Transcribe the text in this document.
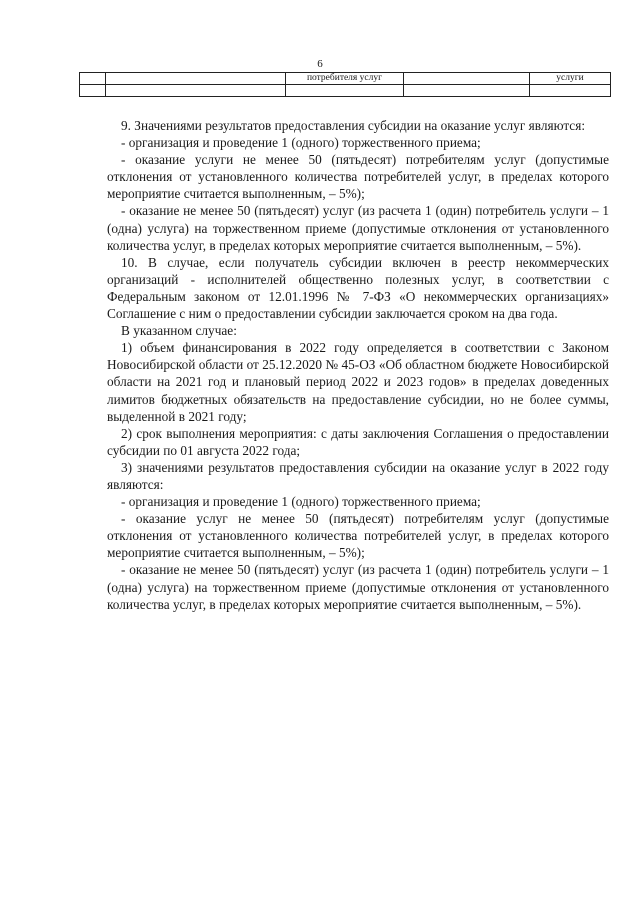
6
		потребителя услуг		услуги

9. Значениями результатов предоставления субсидии на оказание услуг являются:

- организация и проведение 1 (одного) торжественного приема;

- оказание услуги не менее 50 (пятьдесят) потребителям услуг (допустимые отклонения от установленного количества потребителей услуг, в пределах которого мероприятие считается выполненным, – 5%);

- оказание не менее 50 (пятьдесят) услуг (из расчета 1 (один) потребитель услуги – 1 (одна) услуга) на торжественном приеме (допустимые отклонения от установленного количества услуг, в пределах которых мероприятие считается выполненным, – 5%).

10. В случае, если получатель субсидии включен в реестр некоммерческих организаций - исполнителей общественно полезных услуг, в соответствии с Федеральным законом от 12.01.1996 № 7-ФЗ «О некоммерческих организациях» Соглашение с ним о предоставлении субсидии заключается сроком на два года.

В указанном случае:

1) объем финансирования в 2022 году определяется в соответствии с Законом Новосибирской области от 25.12.2020 № 45-ОЗ «Об областном бюджете Новосибирской области на 2021 год и плановый период 2022 и 2023 годов» в пределах доведенных лимитов бюджетных обязательств на предоставление субсидии, но не более суммы, выделенной в 2021 году;

2) срок выполнения мероприятия: с даты заключения Соглашения о предоставлении субсидии по 01 августа 2022 года;

3) значениями результатов предоставления субсидии на оказание услуг в 2022 году являются:

- организация и проведение 1 (одного) торжественного приема;

- оказание услуг не менее 50 (пятьдесят) потребителям услуг (допустимые отклонения от установленного количества потребителей услуг, в пределах которого мероприятие считается выполненным, – 5%);

- оказание не менее 50 (пятьдесят) услуг (из расчета 1 (один) потребитель услуги – 1 (одна) услуга) на торжественном приеме (допустимые отклонения от установленного количества услуг, в пределах которых мероприятие считается выполненным, – 5%).
